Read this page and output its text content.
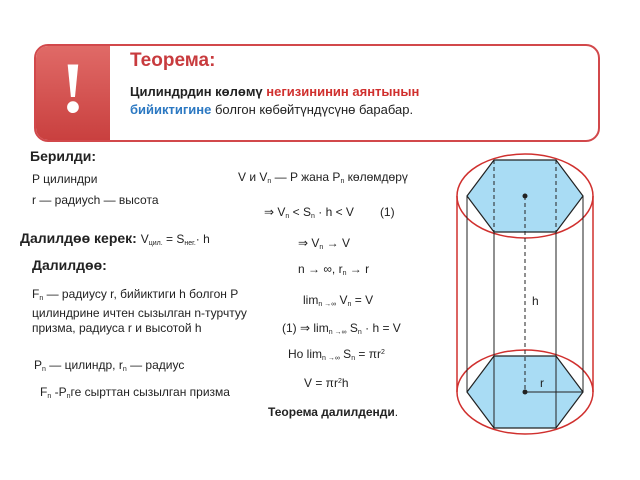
!	Теорема:
Цилиндрдин көлөмү негизининин аянтынын
бийиктигине болгон көбөйтүндүсүнө барабар.
Берилди:
P цилиндри
r — радиусh — высота
Далилдөө керек: $V_{цил.} = S_{нег.}\cdot h$
Далилдөө:
$F_n$ — радиусу r, бийиктиги h болгон P цилиндрине ичтен сызылган n-турчтуу призма, радиуса r и высотой h
$P_n$ — цилиндр, $r_n$ — радиус
$F_n$ $-P_nге$ сырттан сызылган призма
V и $V_n$ — P жана $P_n$ көлөмдөрү
⇒ $V_n < S_n \cdot h < V$ (1)
⇒ $V_n \to V$
n → ∞, $r_n \to r$
$\lim_{n \to\infty} V_n = V$
(1) ⇒ $\lim_{n \to\infty} S_n \cdot h = V$
Но $\lim_{n \to\infty} S_n = \pi r^2$
$V = \pi r^2h$
Теорема далилденди.
h
r
